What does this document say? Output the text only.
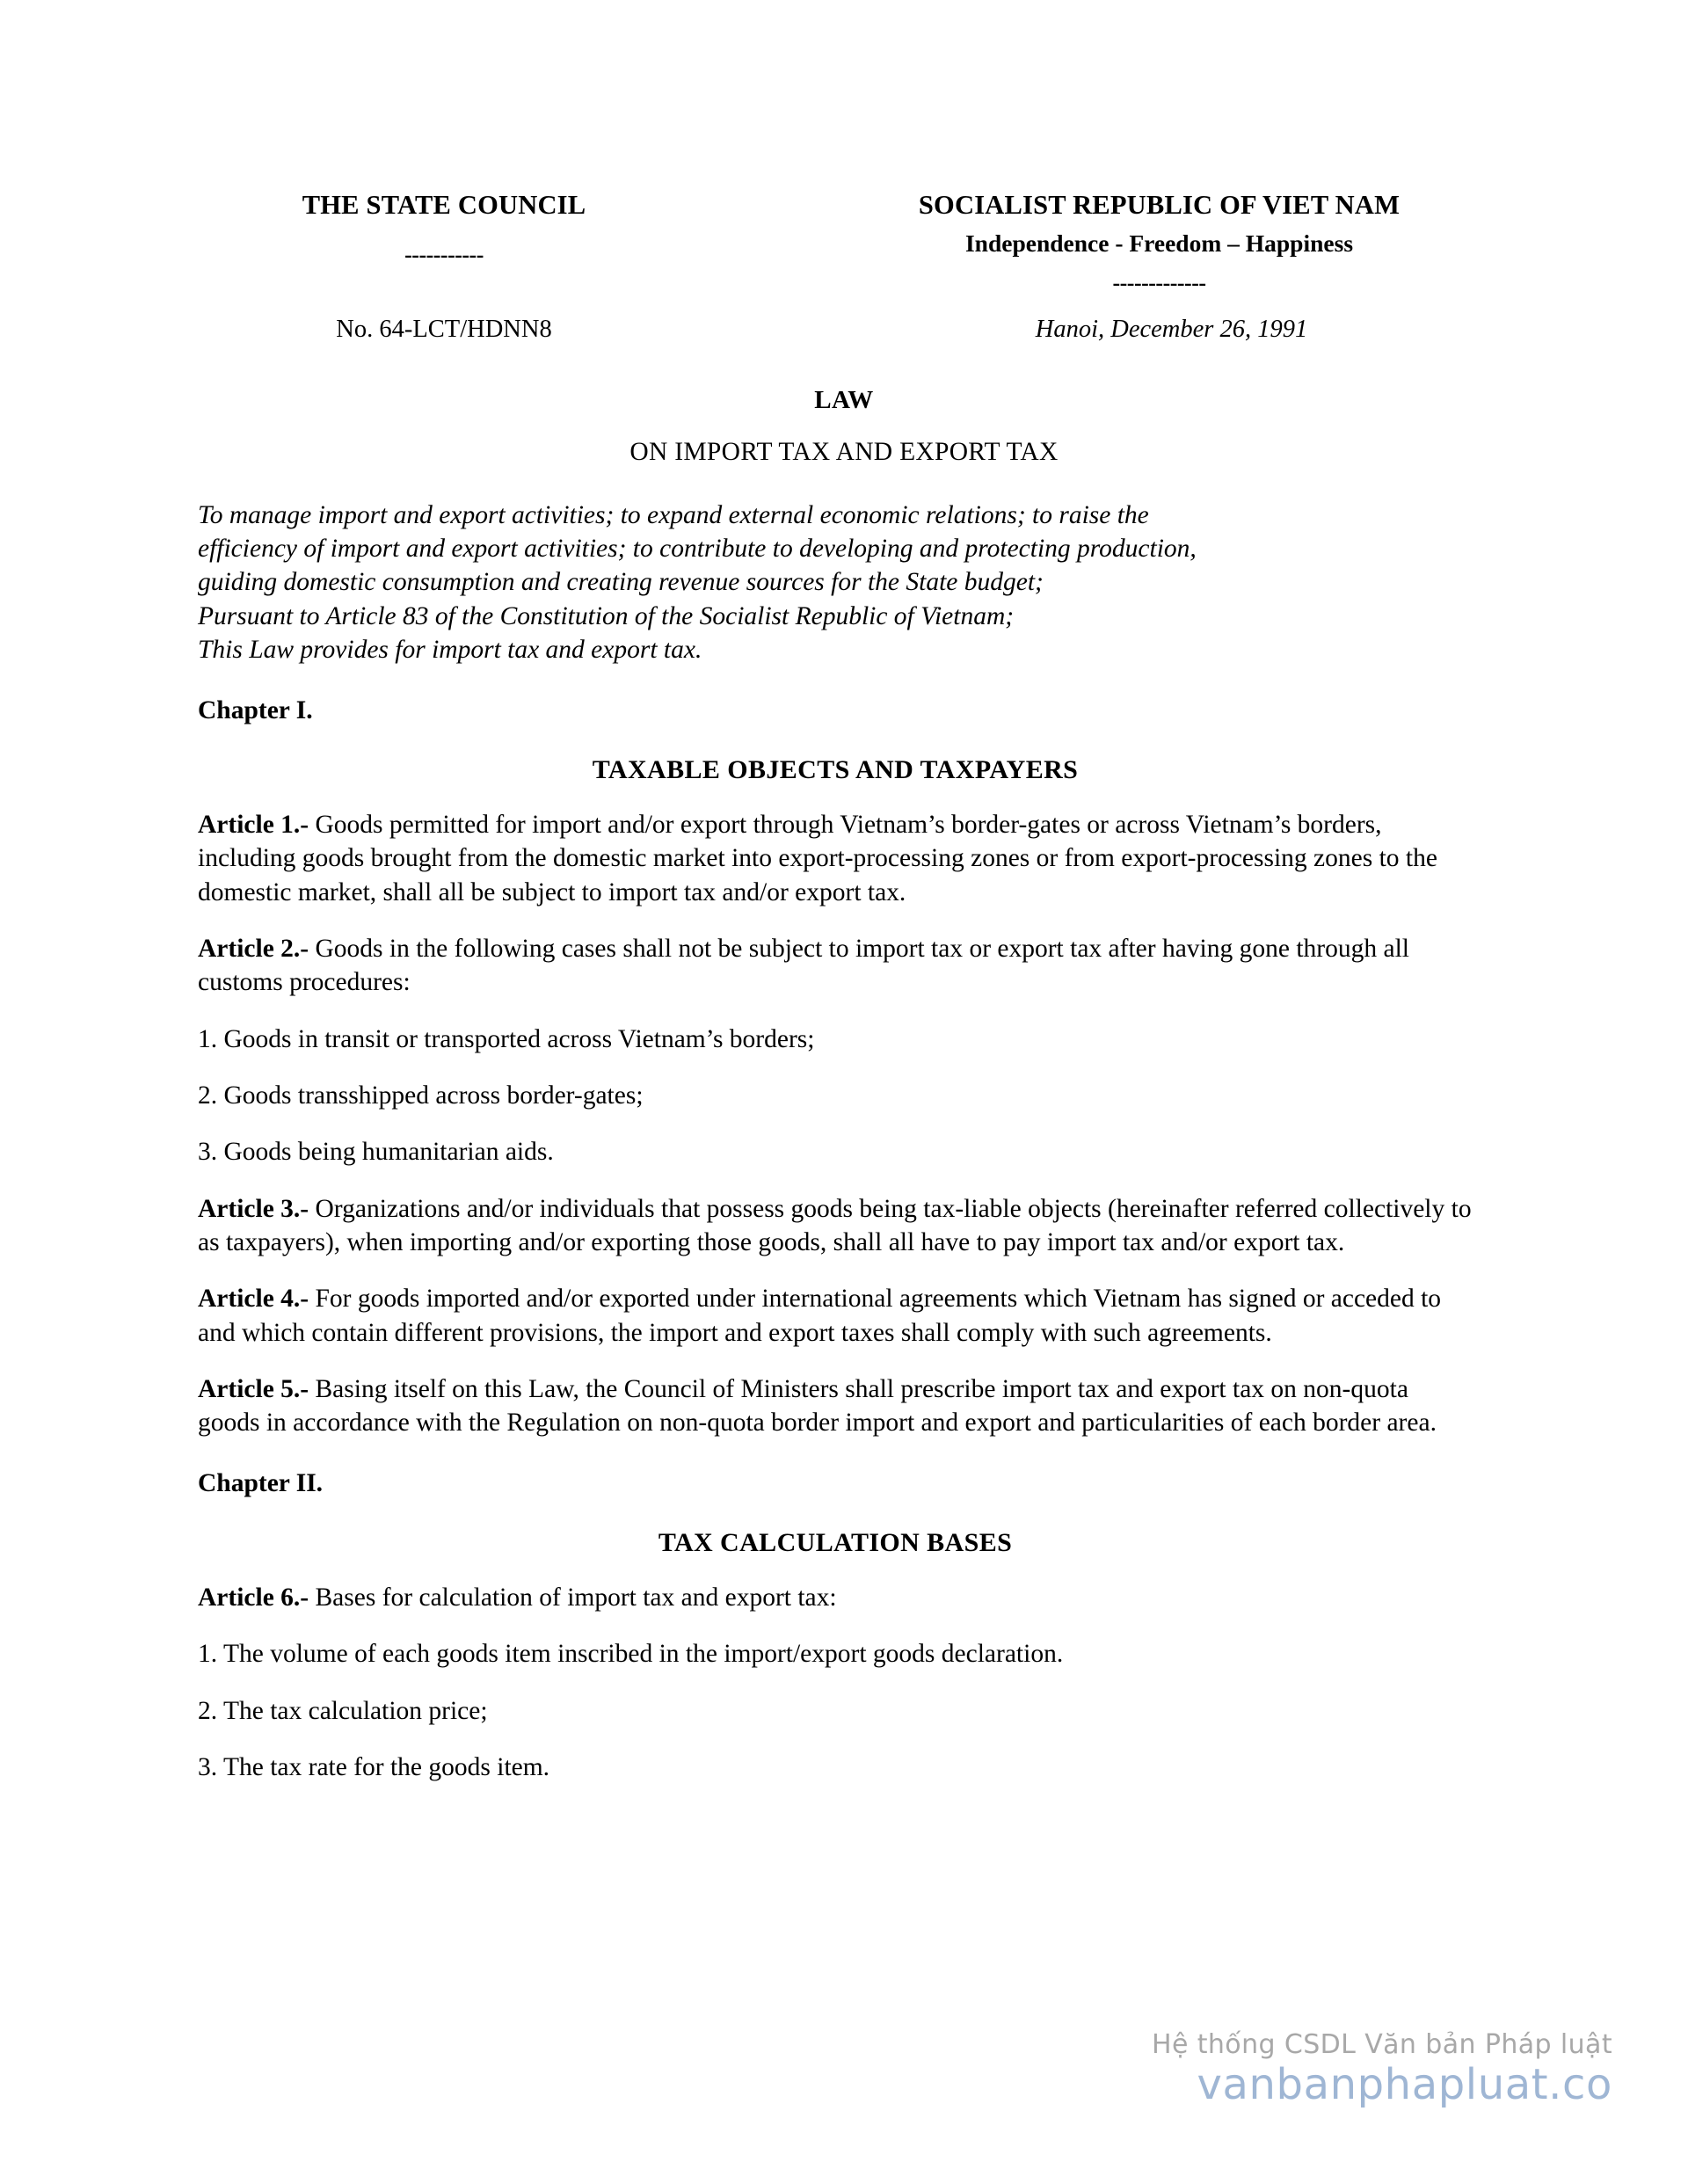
THE STATE COUNCIL
-----------
SOCIALIST REPUBLIC OF VIET NAM
Independence - Freedom – Happiness
-------------
No. 64-LCT/HDNN8	Hanoi, December 26, 1991
LAW
ON IMPORT TAX AND EXPORT TAX
To manage import and export activities; to expand external economic relations; to raise the
efficiency of import and export activities; to contribute to developing and protecting production,
guiding domestic consumption and creating revenue sources for the State budget;
Pursuant to Article 83 of the Constitution of the Socialist Republic of Vietnam;
This Law provides for import tax and export tax.
Chapter I.
TAXABLE OBJECTS AND TAXPAYERS
Article 1.- Goods permitted for import and/or export through Vietnam’s border-gates or across Vietnam’s borders, including goods brought from the domestic market into export-processing zones or from export-processing zones to the domestic market, shall all be subject to import tax and/or export tax.
Article 2.- Goods in the following cases shall not be subject to import tax or export tax after having gone through all customs procedures:
1. Goods in transit or transported across Vietnam’s borders;
2. Goods transshipped across border-gates;
3. Goods being humanitarian aids.
Article 3.- Organizations and/or individuals that possess goods being tax-liable objects (hereinafter referred collectively to as taxpayers), when importing and/or exporting those goods, shall all have to pay import tax and/or export tax.
Article 4.- For goods imported and/or exported under international agreements which Vietnam has signed or acceded to and which contain different provisions, the import and export taxes shall comply with such agreements.
Article 5.- Basing itself on this Law, the Council of Ministers shall prescribe import tax and export tax on non-quota goods in accordance with the Regulation on non-quota border import and export and particularities of each border area.
Chapter II.
TAX CALCULATION BASES
Article 6.- Bases for calculation of import tax and export tax:
1. The volume of each goods item inscribed in the import/export goods declaration.
2. The tax calculation price;
3. The tax rate for the goods item.
Hệ thống CSDL Văn bản Pháp luật
vanbanphapluat.co
